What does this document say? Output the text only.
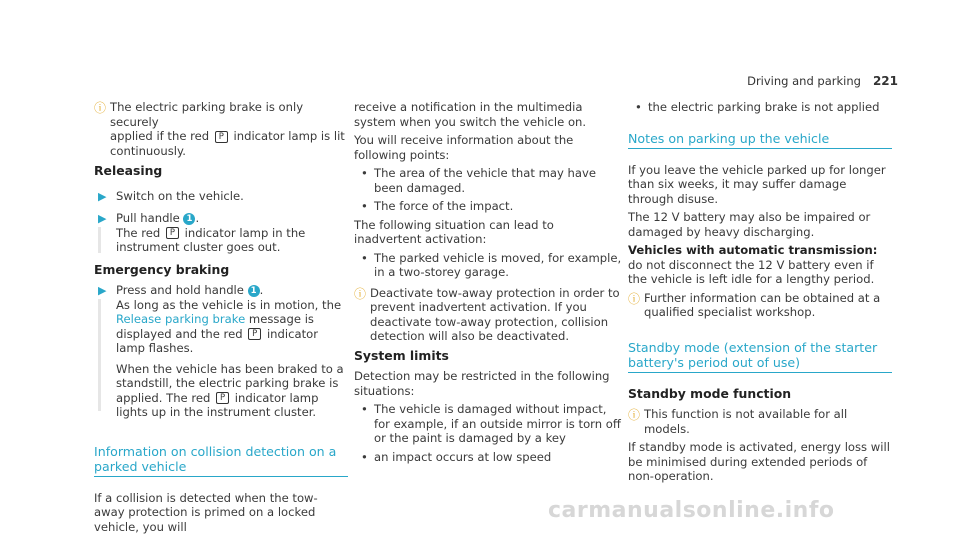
Driving and parking 221
ⓘ The electric parking brake is only securely
applied if the red P indicator lamp is lit
continuously.
Releasing
▶ Switch on the vehicle.
▶ Pull handle 1 .
The red P indicator lamp in the instrument cluster goes out.
Emergency braking
▶ Press and hold handle 1 .
As long as the vehicle is in motion, the Release parking brake message is displayed and the red P indicator lamp flashes.

When the vehicle has been braked to a standstill, the electric parking brake is applied. The red P indicator lamp lights up in the instrument cluster.

Information on collision detection on a parked vehicle

If a collision is detected when the tow-away protection is primed on a locked vehicle, you will

receive a notification in the multimedia system when you switch the vehicle on.

You will receive information about the following points:

• The area of the vehicle that may have been damaged.
• The force of the impact.

The following situation can lead to inadvertent activation:

• The parked vehicle is moved, for example, in a two-storey garage.
ⓘ Deactivate tow-away protection in order to prevent inadvertent activation. If you deactivate tow-away protection, collision detection will also be deactivated.
System limits

Detection may be restricted in the following situations:

• The vehicle is damaged without impact, for example, if an outside mirror is torn off or the paint is damaged by a key
• an impact occurs at low speed
• the electric parking brake is not applied
Notes on parking up the vehicle

If you leave the vehicle parked up for longer than six weeks, it may suffer damage through disuse.

The 12 V battery may also be impaired or damaged by heavy discharging.

Vehicles with automatic transmission: do not disconnect the 12 V battery even if the vehicle is left idle for a lengthy period.

ⓘ Further information can be obtained at a qualified specialist workshop.
Standby mode (extension of the starter battery's period out of use)
Standby mode function
ⓘ This function is not available for all models.

If standby mode is activated, energy loss will be minimised during extended periods of non-operation.

carmanualsonline.info
